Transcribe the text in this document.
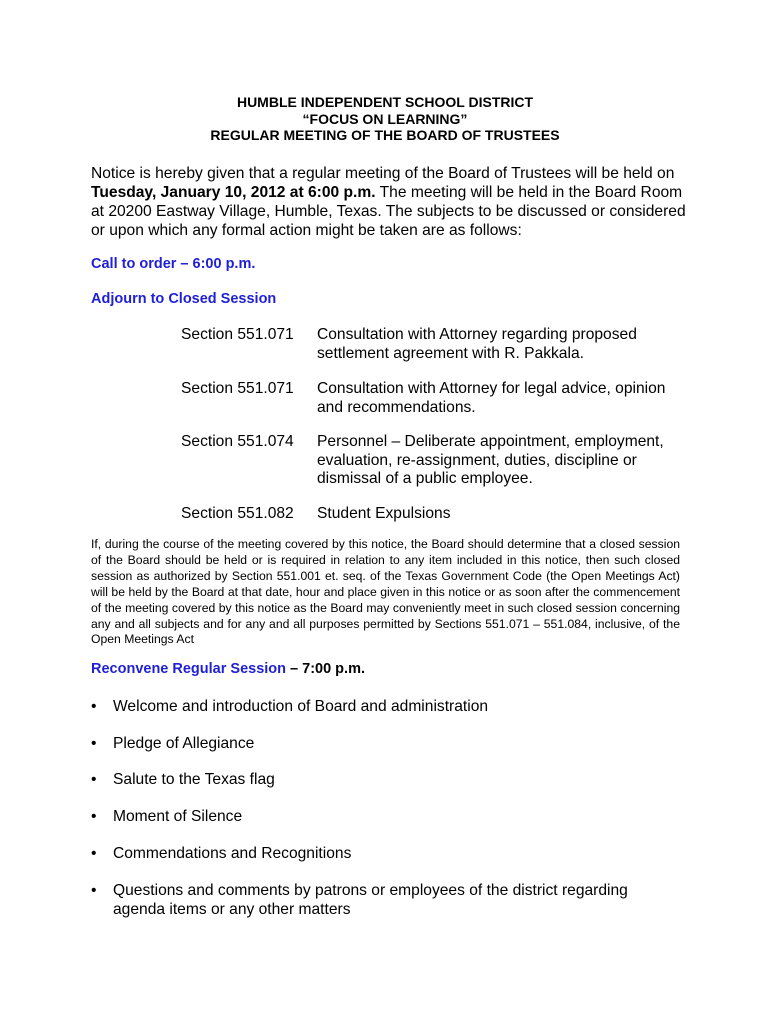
HUMBLE INDEPENDENT SCHOOL DISTRICT
“FOCUS ON LEARNING”
REGULAR MEETING OF THE BOARD OF TRUSTEES
Notice is hereby given that a regular meeting of the Board of Trustees will be held on Tuesday, January 10, 2012 at 6:00 p.m. The meeting will be held in the Board Room at 20200 Eastway Village, Humble, Texas. The subjects to be discussed or considered or upon which any formal action might be taken are as follows:
Call to order – 6:00 p.m.
Adjourn to Closed Session
Section 551.071	Consultation with Attorney regarding proposed settlement agreement with R. Pakkala.
Section 551.071	Consultation with Attorney for legal advice, opinion and recommendations.
Section 551.074	Personnel – Deliberate appointment, employment, evaluation, re-assignment, duties, discipline or dismissal of a public employee.
Section 551.082	Student Expulsions
If, during the course of the meeting covered by this notice, the Board should determine that a closed session of the Board should be held or is required in relation to any item included in this notice, then such closed session as authorized by Section 551.001 et. seq. of the Texas Government Code (the Open Meetings Act) will be held by the Board at that date, hour and place given in this notice or as soon after the commencement of the meeting covered by this notice as the Board may conveniently meet in such closed session concerning any and all subjects and for any and all purposes permitted by Sections 551.071 – 551.084, inclusive, of the Open Meetings Act
Reconvene Regular Session – 7:00 p.m.
•	Welcome and introduction of Board and administration
•	Pledge of Allegiance
•	Salute to the Texas flag
•	Moment of Silence
•	Commendations and Recognitions
•	Questions and comments by patrons or employees of the district regarding agenda items or any other matters
